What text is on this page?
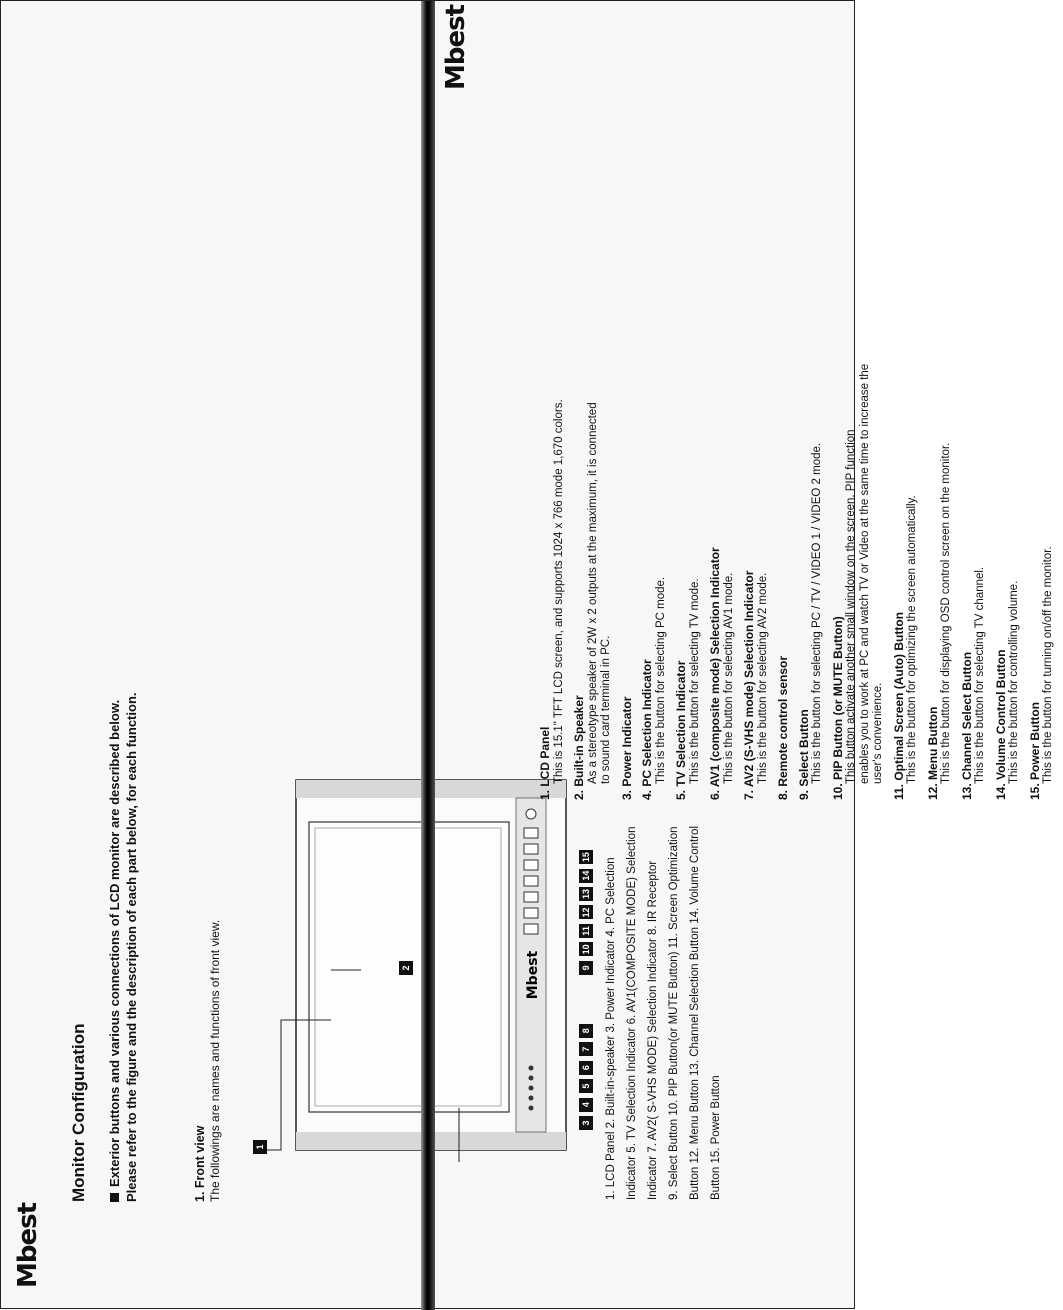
Mbest
Monitor Configuration Exterior buttons and various connections of LCD monitor are described below. Please refer to the figure and the description of each part below, for each function.	1. Front view The followings are names and functions of front view.	Mbest
1
2
3 4 5 6 7 8  9 10 11 12 13 14 15
1. LCD Panel 2. Built-in-speaker 3. Power Indicator 4. PC Selection Indicator 5. TV Selection Indicator 6. AV1(COMPOSITE MODE) Selection Indicator 7. AV2( S-VHS MODE) Selection Indicator 8. IR Receptor 9. Select Button 10. PIP Button(or MUTE Button) 11. Screen Optimization Button 12. Menu Button 13. Channel Selection Button 14. Volume Control Button 15. Power Button
Mbest
1. LCD Panel This is 15.1" TFT LCD screen, and supports 1024 x 766 mode 1,670 colors. 2. Built-in Speaker As a stereotype speaker of 2W x 2 outputs at the maximum, it is connected to sound card terminal in PC. 3. Power Indicator 4. PC Selection Indicator This is the button for selecting PC mode. 5. TV Selection Indicator This is the button for selecting TV mode. 6. AV1 (composite mode) Selection Indicator This is the button for selecting AV1 mode. 7. AV2 (S-VHS mode) Selection Indicator This is the button for selecting AV2 mode. 8. Remote control sensor 9. Select Button This is the button for selecting PC / TV / VIDEO 1 / VIDEO 2 mode. 10. PIP Button (or MUTE Button) This button activate another small window on the screen. PIP function enables you to work at PC and watch TV or Video at the same time to increase the user's convenience. 11. Optimal Screen (Auto) Button This is the button for optimizing the screen automatically. 12. Menu Button This is the button for displaying OSD control screen on the monitor. 13. Channel Select Button This is the button for selecting TV channel. 14. Volume Control Button This is the button for controlling volume. 15. Power Button This is the button for turning on/off the monitor.
